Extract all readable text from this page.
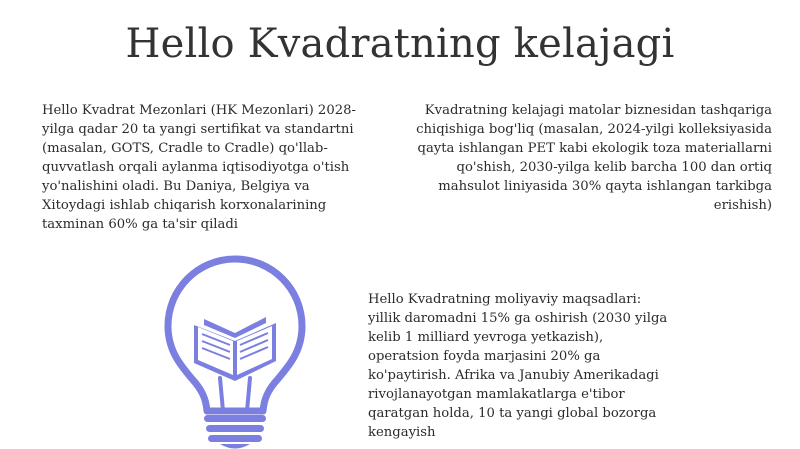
Hello Kvadratning kelajagi
Hello Kvadrat Mezonlari (HK Mezonlari) 2028-yilga qadar 20 ta yangi sertifikat va standartni (masalan, GOTS, Cradle to Cradle) qo'llab-quvvatlash orqali aylanma iqtisodiyotga o'tish yo'nalishini oladi. Bu Daniya, Belgiya va Xitoydagi ishlab chiqarish korxonalarining taxminan 60% ga ta'sir qiladi
Kvadratning kelajagi matolar biznesidan tashqariga chiqishiga bog'liq (masalan, 2024-yilgi kolleksiyasida qayta ishlangan PET kabi ekologik toza materiallarni qo'shish, 2030-yilga kelib barcha 100 dan ortiq mahsulot liniyasida 30% qayta ishlangan tarkibga erishish)
Hello Kvadratning moliyaviy maqsadlari: yillik daromadni 15% ga oshirish (2030 yilga kelib 1 milliard yevroga yetkazish), operatsion foyda marjasini 20% ga ko'paytirish. Afrika va Janubiy Amerikadagi rivojlanayotgan mamlakatlarga e'tibor qaratgan holda, 10 ta yangi global bozorga kengayish
